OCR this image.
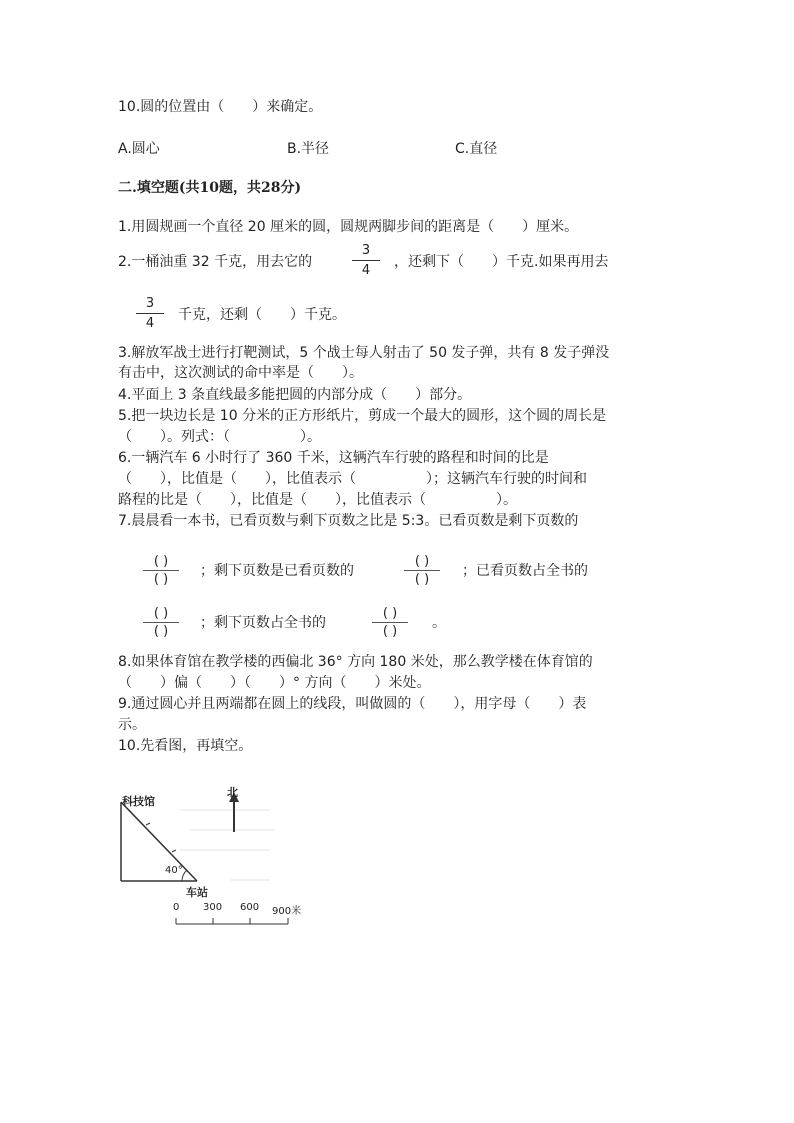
10.圆的位置由（　　）来确定。
A.圆心	B.半径	C.直径
二.填空题(共10题，共28分)
1.用圆规画一个直径 20 厘米的圆，圆规两脚步间的距离是（　　）厘米。
2.一桶油重 32 千克，用去它的
3
4
，还剩下（　　）千克.如果再用去
3
4
千克，还剩（　　）千克。
3.解放军战士进行打靶测试，5 个战士每人射击了 50 发子弹，共有 8 发子弹没
有击中，这次测试的命中率是（　　）。
4.平面上 3 条直线最多能把圆的内部分成（　　）部分。
5.把一块边长是 10 分米的正方形纸片，剪成一个最大的圆形，这个圆的周长是
（　　）。列式：（　　　　　）。
6.一辆汽车 6 小时行了 360 千米，这辆汽车行驶的路程和时间的比是
（　　），比值是（　　），比值表示（　　　　　）；这辆汽车行驶的时间和
路程的比是（　　），比值是（　　），比值表示（　　　　　）。
7.晨晨看一本书，已看页数与剩下页数之比是 5:3。已看页数是剩下页数的
( )
( )
；剩下页数是已看页数的
( )
( )
；已看页数占全书的
( )
( )
；剩下页数占全书的
( )
( )
。
8.如果体育馆在教学楼的西偏北 36° 方向 180 米处，那么教学楼在体育馆的
（　　）偏（　　）（　　）° 方向（　　）米处。
9.通过圆心并且两端都在圆上的线段，叫做圆的（　　），用字母（　　）表
示。
10.先看图，再填空。
科技馆
北
40°
车站
0 300 600 900米
